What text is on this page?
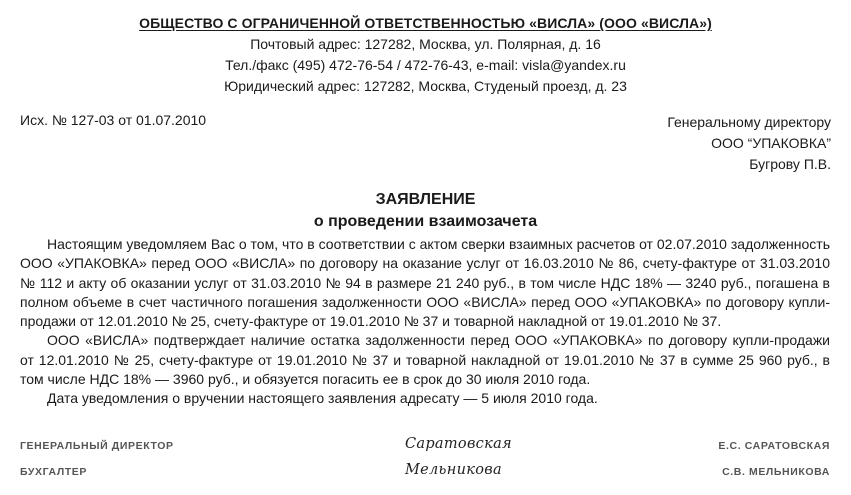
ОБЩЕСТВО С ОГРАНИЧЕННОЙ ОТВЕТСТВЕННОСТЬЮ «ВИСЛА» (ООО «ВИСЛА»)
Почтовый адрес: 127282, Москва, ул. Полярная, д. 16
Тел./факс (495) 472-76-54 / 472-76-43, e-mail: visla@yandex.ru
Юридический адрес: 127282, Москва, Студеный проезд, д. 23
Исх. № 127-03 от 01.07.2010	Генеральному директору
ООО “УПАКОВКА”
Бугрову П.В.
ЗАЯВЛЕНИЕ
о проведении взаимозачета

Настоящим уведомляем Вас о том, что в соответствии с актом сверки взаимных расчетов от 02.07.2010 задолженность ООО «УПАКОВКА» перед ООО «ВИСЛА» по договору на оказание услуг от 16.03.2010 № 86, счету-фактуре от 31.03.2010 № 112 и акту об оказании услуг от 31.03.2010 № 94 в размере 21 240 руб., в том числе НДС 18% — 3240 руб., погашена в полном объеме в счет частичного погашения задолженности ООО «ВИСЛА» перед ООО «УПАКОВКА» по договору купли-продажи от 12.01.2010 № 25, счету-фактуре от 19.01.2010 № 37 и товарной накладной от 19.01.2010 № 37.

ООО «ВИСЛА» подтверждает наличие остатка задолженности перед ООО «УПАКОВКА» по договору купли-продажи от 12.01.2010 № 25, счету-фактуре от 19.01.2010 № 37 и товарной накладной от 19.01.2010 № 37 в сумме 25 960 руб., в том числе НДС 18% — 3960 руб., и обязуется погасить ее в срок до 30 июля 2010 года.

Дата уведомления о вручении настоящего заявления адресату — 5 июля 2010 года.

ГЕНЕРАЛЬНЫЙ ДИРЕКТОР	Саратовская	Е.С. САРАТОВСКАЯ
БУХГАЛТЕР	Мельникова	С.В. МЕЛЬНИКОВА
